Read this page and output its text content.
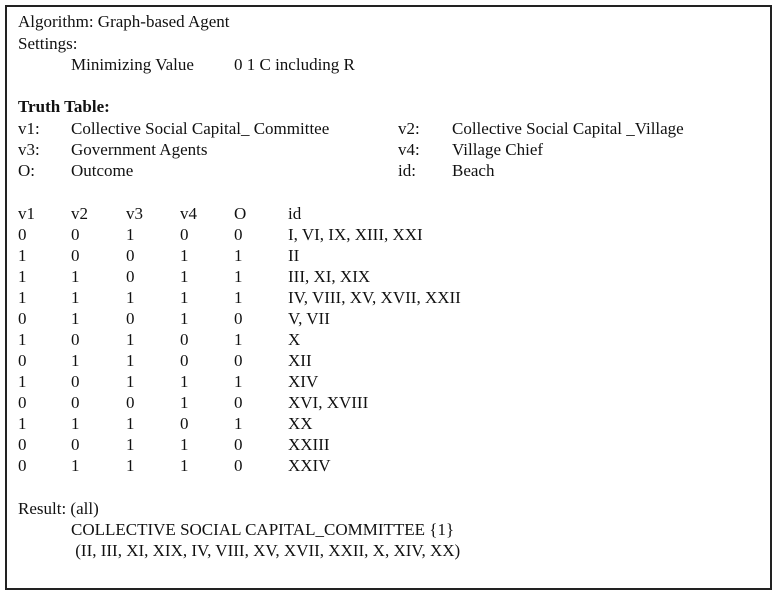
Algorithm: Graph-based Agent
Settings:
Minimizing Value 0 1 C including R
Truth Table:
v1: Collective Social Capital_ Committee	v2: Collective Social Capital _Village
v3: Government Agents	v4: Village Chief
O: Outcome	id: Beach
v1 v2 v3 v4 O id
0	0	1	0	0	I, VI, IX, XIII, XXI
1	0	0	1	1	II
1	1	0	1	1	III, XI, XIX
1	1	1	1	1	IV, VIII, XV, XVII, XXII
0	1	0	1	0	V, VII
1	0	1	0	1	X
0	1	1	0	0	XII
1	0	1	1	1	XIV
0	0	0	1	0	XVI, XVIII
1	1	1	0	1	XX
0	0	1	1	0	XXIII
0	1	1	1	0	XXIV
Result: (all)
COLLECTIVE SOCIAL CAPITAL_COMMITTEE {1}
(II, III, XI, XIX, IV, VIII, XV, XVII, XXII, X, XIV, XX)
